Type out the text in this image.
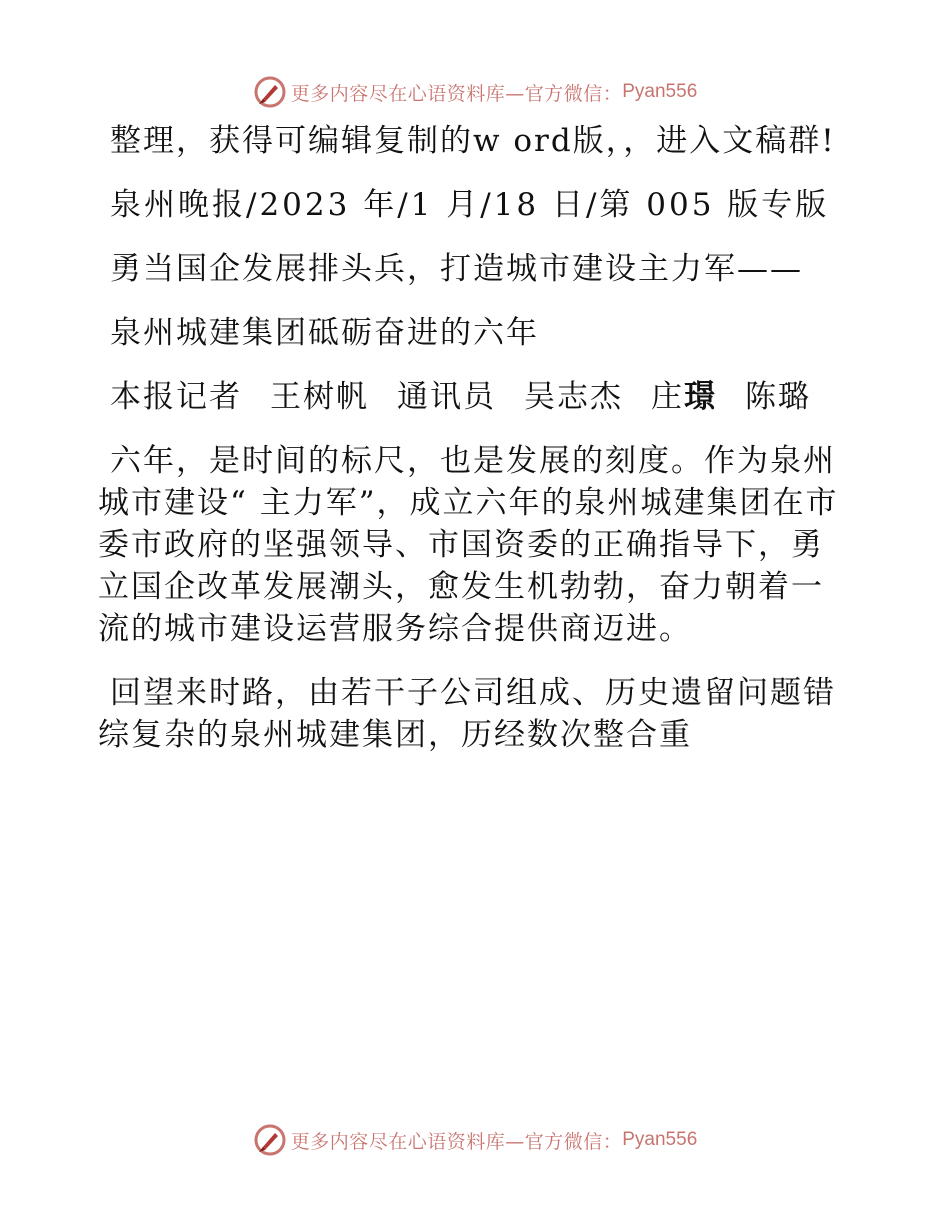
更多内容尽在心语资料库—官方微信： Pyan556

整理，获得可编辑复制的w ord版，，进入文稿群!

泉州晚报/2023 年/1 月/18 日/第 005 版专版

勇当国企发展排头兵，打造城市建设主力军——

泉州城建集团砥砺奋进的六年

本报记者 王树帆 通讯员 吴志杰 庄璟 陈璐

六年，是时间的标尺，也是发展的刻度。作为泉州城市建设“ 主力军”，成立六年的泉州城建集团在市委市政府的坚强领导、市国资委的正确指导下，勇立国企改革发展潮头，愈发生机勃勃，奋力朝着一流的城市建设运营服务综合提供商迈进。

回望来时路，由若干子公司组成、历史遗留问题错综复杂的泉州城建集团，历经数次整合重

更多内容尽在心语资料库—官方微信： Pyan556
